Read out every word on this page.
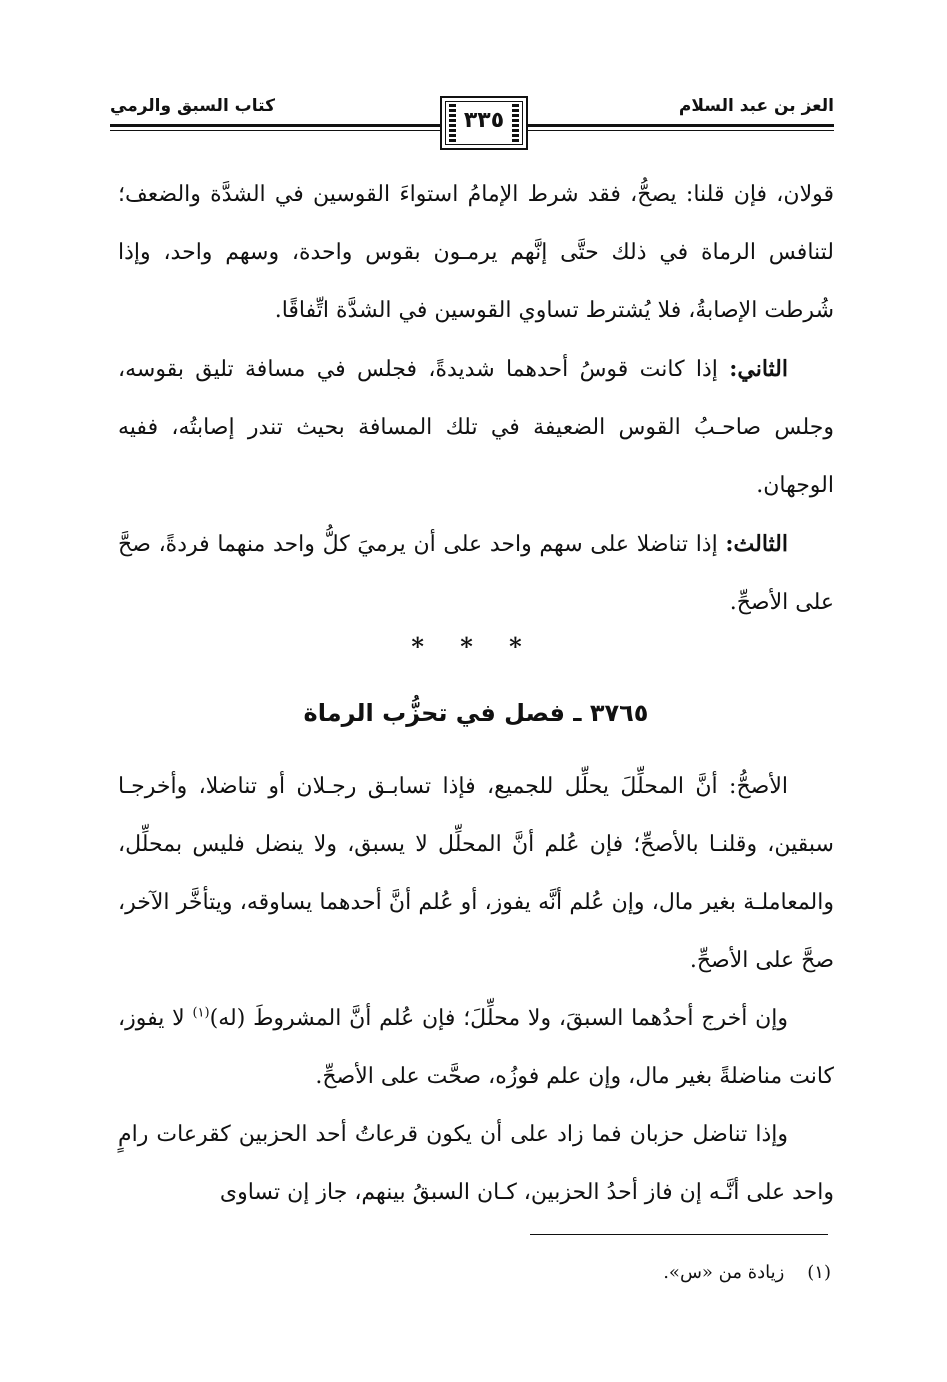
العز بن عبد السلام
كتاب السبق والرمي
٣٣٥

قولان، فإن قلنا: يصحُّ، فقد شرط الإمامُ استواءَ القوسين في الشدَّة والضعف؛ لتنافس الرماة في ذلك حتَّى إنَّهم يرمـون بقوس واحدة، وسهم واحد، وإذا شُرطت الإصابةُ، فلا يُشترط تساوي القوسين في الشدَّة اتِّفاقًا.

الثاني: إذا كانت قوسُ أحدهما شديدةً، فجلس في مسافة تليق بقوسه، وجلس صاحـبُ القوس الضعيفة في تلك المسافة بحيث تندر إصابتُه، ففيه الوجهان.

الثالث: إذا تناضلا على سهم واحد على أن يرميَ كلُّ واحد منهما فردةً، صحَّ على الأصحِّ.

* * *
٣٧٦٥ ـ فصل في تحزُّب الرماة

الأصحُّ: أنَّ المحلِّلَ يحلِّل للجميع، فإذا تسابـق رجـلان أو تناضلا، وأخرجـا سبقين، وقلنـا بالأصحِّ؛ فإن عُلم أنَّ المحلِّل لا يسبق، ولا ينضل فليس بمحلِّل، والمعاملـة بغير مال، وإن عُلم أنَّه يفوز، أو عُلم أنَّ أحدهما يساوقه، ويتأخَّر الآخر، صحَّ على الأصحِّ.

وإن أخرج أحدُهما السبقَ، ولا محلِّلَ؛ فإن عُلم أنَّ المشروطَ (له)$^{(١)}$ لا يفوز، كانت مناضلةً بغير مال، وإن علم فوزُه، صحَّت على الأصحِّ.

وإذا تناضل حزبان فما زاد على أن يكون قرعاتُ أحد الحزبين كقرعات رامٍ واحد على أنَّـه إن فاز أحدُ الحزبين، كـان السبقُ بينهم، جاز إن تساوى

(١)    زيادة من «س».
